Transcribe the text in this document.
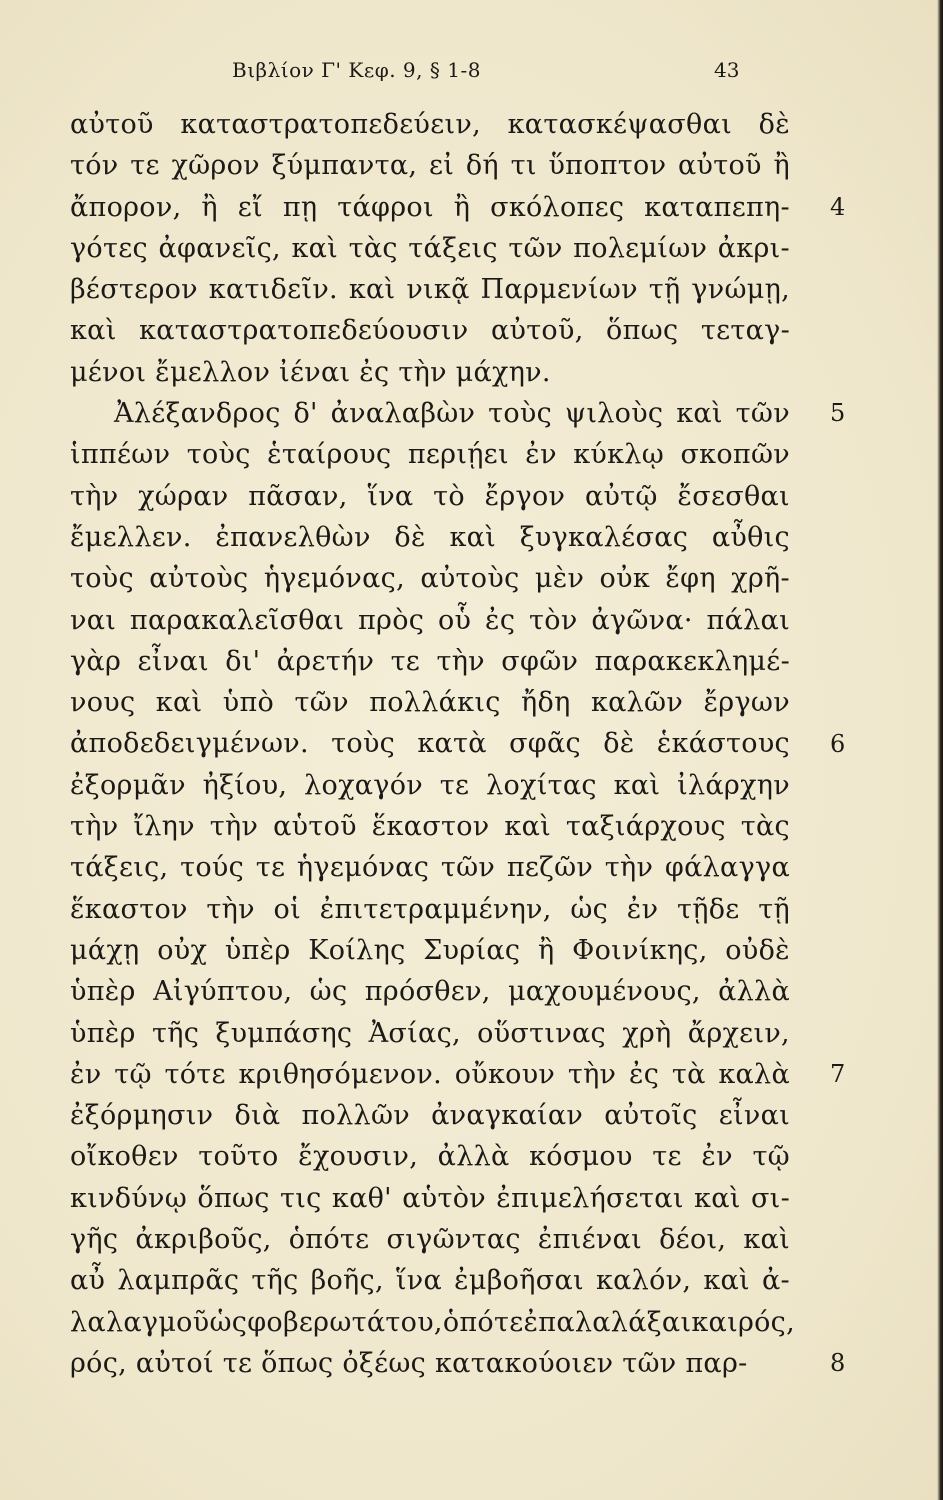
Βιβλίον Γ' Κεφ. 9, § 1-8	43
αὐτοῦ καταστρατοπεδεύειν, κατασκέψασθαι δὲ
τόν τε χῶρον ξύμπαντα, εἰ δή τι ὕποπτον αὐτοῦ ἢ
ἄπορον, ἢ εἴ πῃ τάφροι ἢ σκόλοπες καταπεπη-
γότες ἀφανεῖς, καὶ τὰς τάξεις τῶν πολεμίων ἀκρι-
βέστερον κατιδεῖν. καὶ νικᾷ Παρμενίων τῇ γνώμῃ,
καὶ καταστρατοπεδεύουσιν αὐτοῦ, ὅπως τεταγ-
μένοι ἔμελλον ἰέναι ἐς τὴν μάχην.
Ἀλέξανδρος δ' ἀναλαβὼν τοὺς ψιλοὺς καὶ τῶν
ἱππέων τοὺς ἑταίρους περιῄει ἐν κύκλῳ σκοπῶν
τὴν χώραν πᾶσαν, ἵνα τὸ ἔργον αὐτῷ ἔσεσθαι
ἔμελλεν. ἐπανελθὼν δὲ καὶ ξυγκαλέσας αὖθις
τοὺς αὐτοὺς ἡγεμόνας, αὐτοὺς μὲν οὐκ ἔφη χρῆ-
ναι παρακαλεῖσθαι πρὸς οὗ ἐς τὸν ἀγῶνα· πάλαι
γὰρ εἶναι δι' ἀρετήν τε τὴν σφῶν παρακεκλημέ-
νους καὶ ὑπὸ τῶν πολλάκις ἤδη καλῶν ἔργων
ἀποδεδειγμένων. τοὺς κατὰ σφᾶς δὲ ἑκάστους
ἐξορμᾶν ἠξίου, λοχαγόν τε λοχίτας καὶ ἰλάρχην
τὴν ἴλην τὴν αὑτοῦ ἕκαστον καὶ ταξιάρχους τὰς
τάξεις, τούς τε ἡγεμόνας τῶν πεζῶν τὴν φάλαγγα
ἕκαστον τὴν οἱ ἐπιτετραμμένην, ὡς ἐν τῇδε τῇ
μάχῃ οὐχ ὑπὲρ Κοίλης Συρίας ἢ Φοινίκης, οὐδὲ
ὑπὲρ Αἰγύπτου, ὡς πρόσθεν, μαχουμένους, ἀλλὰ
ὑπὲρ τῆς ξυμπάσης Ἀσίας, οὕστινας χρὴ ἄρχειν,
ἐν τῷ τότε κριθησόμενον. οὔκουν τὴν ἐς τὰ καλὰ
ἐξόρμησιν διὰ πολλῶν ἀναγκαίαν αὐτοῖς εἶναι
οἴκοθεν τοῦτο ἔχουσιν, ἀλλὰ κόσμου τε ἐν τῷ
κινδύνῳ ὅπως τις καθ' αὑτὸν ἐπιμελήσεται καὶ σι-
γῆς ἀκριβοῦς, ὁπότε σιγῶντας ἐπιέναι δέοι, καὶ
αὖ λαμπρᾶς τῆς βοῆς, ἵνα ἐμβοῆσαι καλόν, καὶ ἀ-
λαλαγμοῦ ὡς φοβερωτάτου, ὁπότε ἐπαλαλάξαι καιρός,
ρός, αὐτοί τε ὅπως ὀξέως κατακούοιεν τῶν παρ-
4
5
6
7
8
